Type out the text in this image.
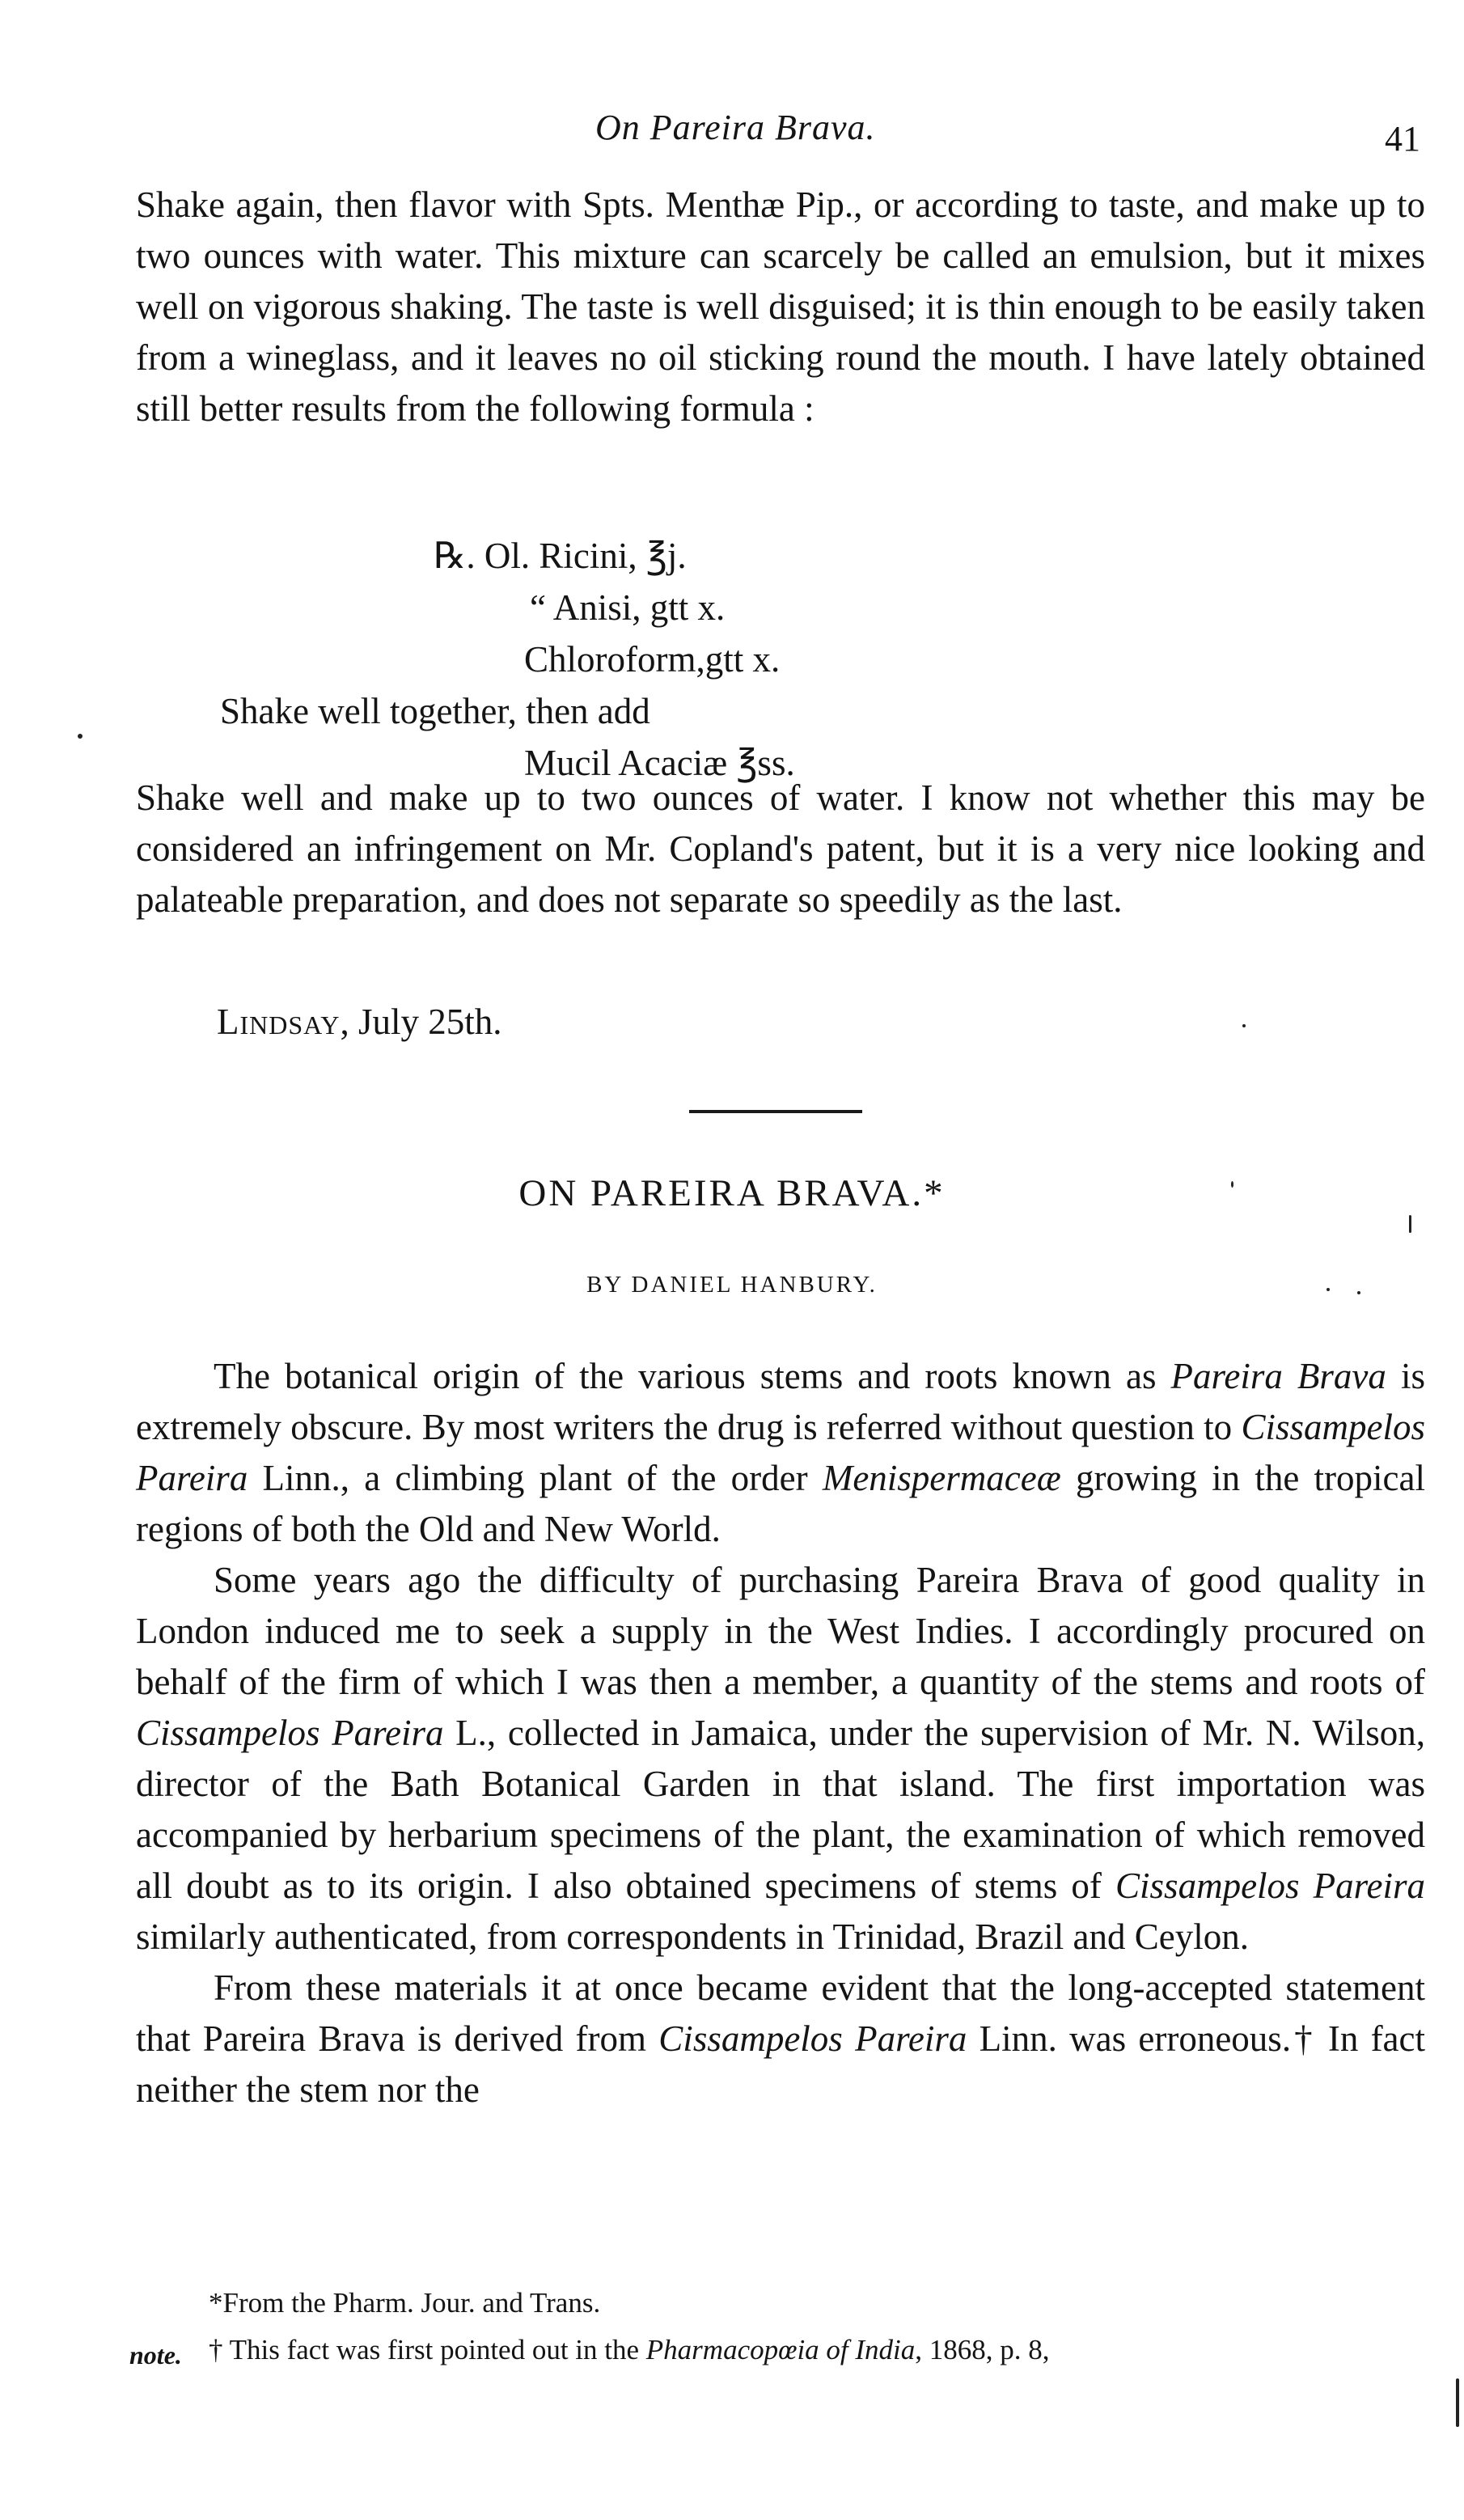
On Pareira Brava.	41

Shake again, then flavor with Spts. Menthæ Pip., or according to taste, and make up to two ounces with water. This mixture can scarcely be called an emulsion, but it mixes well on vigorous shaking. The taste is well disguised; it is thin enough to be easily taken from a wineglass, and it leaves no oil sticking round the mouth. I have lately obtained still better results from the following formula :

℞. Ol. Ricini, ℥j.
“ Anisi, gtt x.
Chloroform,gtt x.
Shake well together, then add
Mucil Acaciæ ℥ss.

Shake well and make up to two ounces of water. I know not whether this may be considered an infringement on Mr. Copland's patent, but it is a very nice looking and palateable preparation, and does not separate so speedily as the last.

Lindsay, July 25th.

ON PAREIRA BRAVA.*

BY DANIEL HANBURY.

The botanical origin of the various stems and roots known as Pareira Brava is extremely obscure. By most writers the drug is referred without question to Cissampelos Pareira Linn., a climbing plant of the order Menispermaceæ growing in the tropical regions of both the Old and New World.

Some years ago the difficulty of purchasing Pareira Brava of good quality in London induced me to seek a supply in the West Indies. I accordingly procured on behalf of the firm of which I was then a member, a quantity of the stems and roots of Cissampelos Pareira L., collected in Jamaica, under the supervision of Mr. N. Wilson, director of the Bath Botanical Garden in that island. The first importation was accompanied by herbarium specimens of the plant, the examination of which removed all doubt as to its origin. I also obtained specimens of stems of Cissampelos Pareira similarly authenticated, from correspondents in Trinidad, Brazil and Ceylon.

From these materials it at once became evident that the long-accepted statement that Pareira Brava is derived from Cissampelos Pareira Linn. was erroneous.† In fact neither the stem nor the

note.

*From the Pharm. Jour. and Trans.

† This fact was first pointed out in the Pharmacopœia of India, 1868, p. 8,
